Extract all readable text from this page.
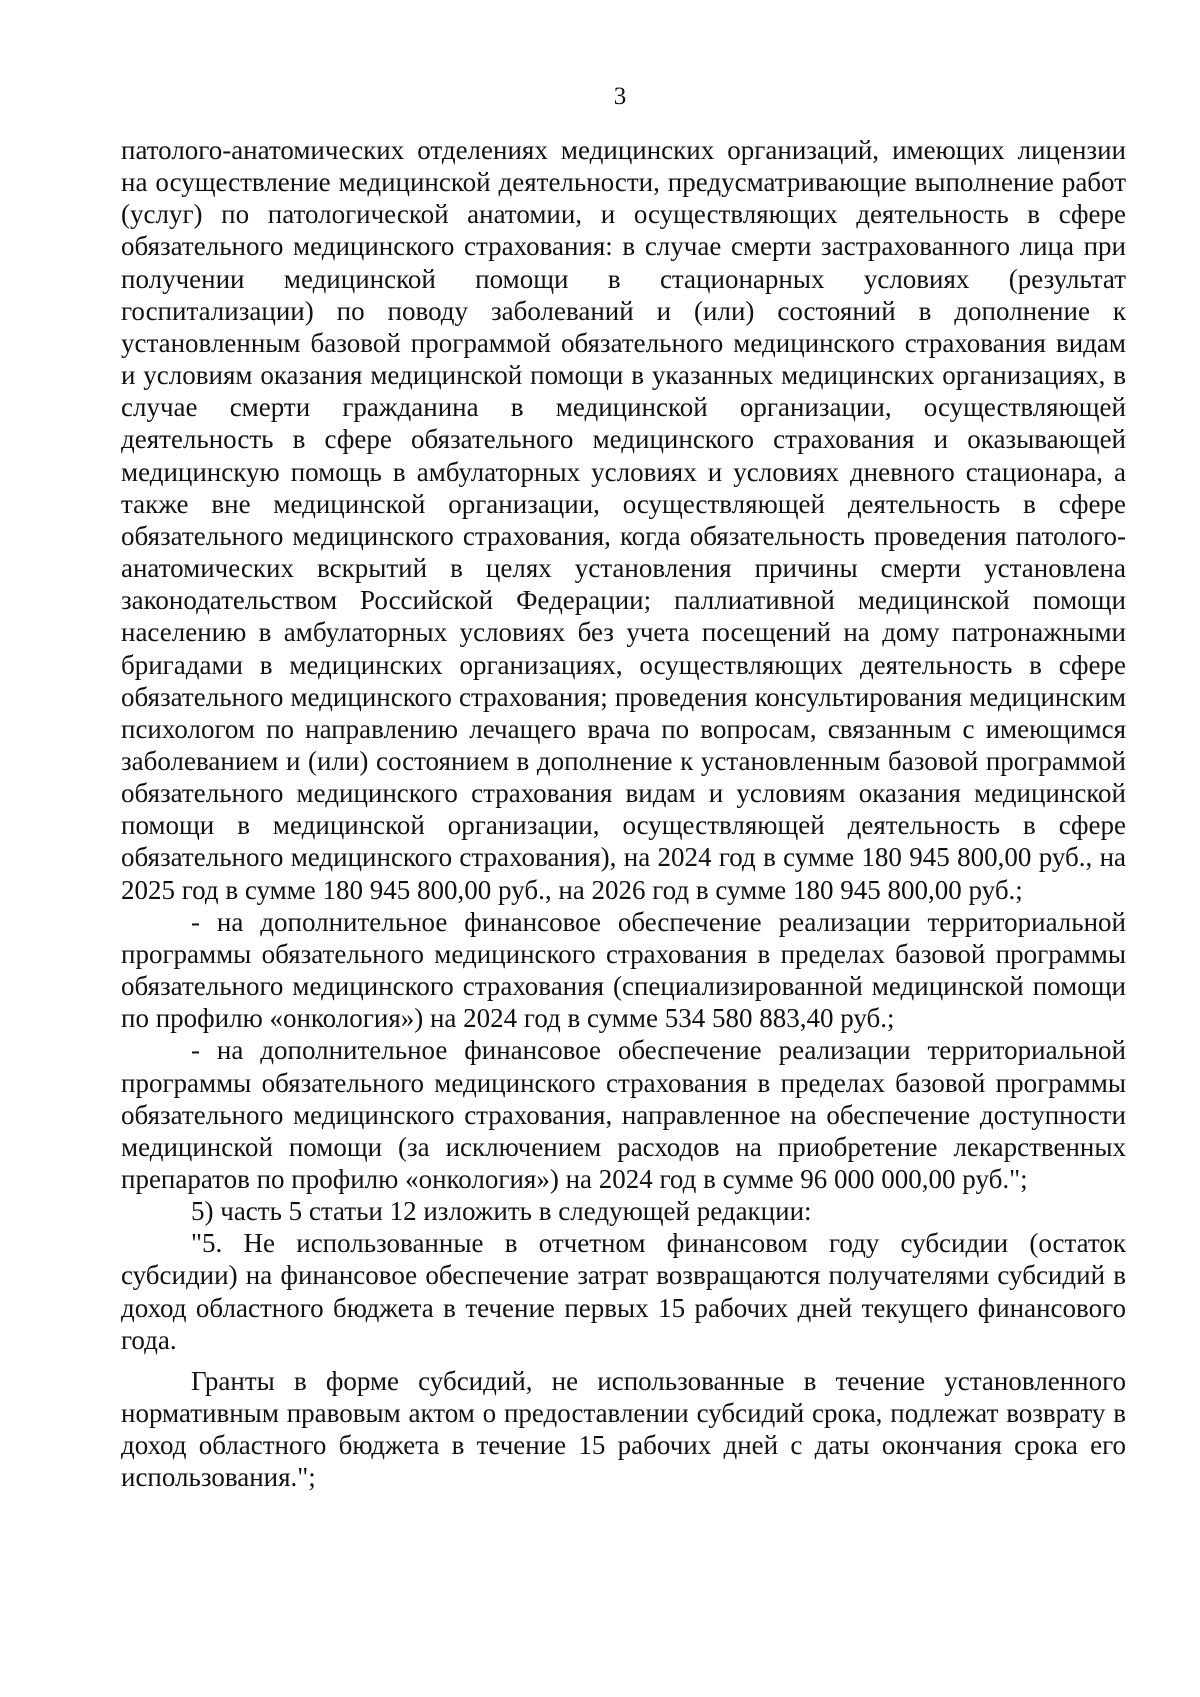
3

патолого-анатомических отделениях медицинских организаций, имеющих лицензии на осуществление медицинской деятельности, предусматривающие выполнение работ (услуг) по патологической анатомии, и осуществляющих деятельность в сфере обязательного медицинского страхования: в случае смерти застрахованного лица при получении медицинской помощи в стационарных условиях (результат госпитализации) по поводу заболеваний и (или) состояний в дополнение к установленным базовой программой обязательного медицинского страхования видам и условиям оказания медицинской помощи в указанных медицинских организациях, в случае смерти гражданина в медицинской организации, осуществляющей деятельность в сфере обязательного медицинского страхования и оказывающей медицинскую помощь в амбулаторных условиях и условиях дневного стационара, а также вне медицинской организации, осуществляющей деятельность в сфере обязательного медицинского страхования, когда обязательность проведения патолого-анатомических вскрытий в целях установления причины смерти установлена законодательством Российской Федерации; паллиативной медицинской помощи населению в амбулаторных условиях без учета посещений на дому патронажными бригадами в медицинских организациях, осуществляющих деятельность в сфере обязательного медицинского страхования; проведения консультирования медицинским психологом по направлению лечащего врача по вопросам, связанным с имеющимся заболеванием и (или) состоянием в дополнение к установленным базовой программой обязательного медицинского страхования видам и условиям оказания медицинской помощи в медицинской организации, осуществляющей деятельность в сфере обязательного медицинского страхования), на 2024 год в сумме 180 945 800,00 руб., на 2025 год в сумме 180 945 800,00 руб., на 2026 год в сумме 180 945 800,00 руб.;

- на дополнительное финансовое обеспечение реализации территориальной программы обязательного медицинского страхования в пределах базовой программы обязательного медицинского страхования (специализированной медицинской помощи по профилю «онкология») на 2024 год в сумме 534 580 883,40 руб.;

- на дополнительное финансовое обеспечение реализации территориальной программы обязательного медицинского страхования в пределах базовой программы обязательного медицинского страхования, направленное на обеспечение доступности медицинской помощи (за исключением расходов на приобретение лекарственных препаратов по профилю «онкология») на 2024 год в сумме 96 000 000,00 руб.";

5) часть 5 статьи 12 изложить в следующей редакции:

"5. Не использованные в отчетном финансовом году субсидии (остаток субсидии) на финансовое обеспечение затрат возвращаются получателями субсидий в доход областного бюджета в течение первых 15 рабочих дней текущего финансового года.

Гранты в форме субсидий, не использованные в течение установленного нормативным правовым актом о предоставлении субсидий срока, подлежат возврату в доход областного бюджета в течение 15 рабочих дней с даты окончания срока его использования.";
